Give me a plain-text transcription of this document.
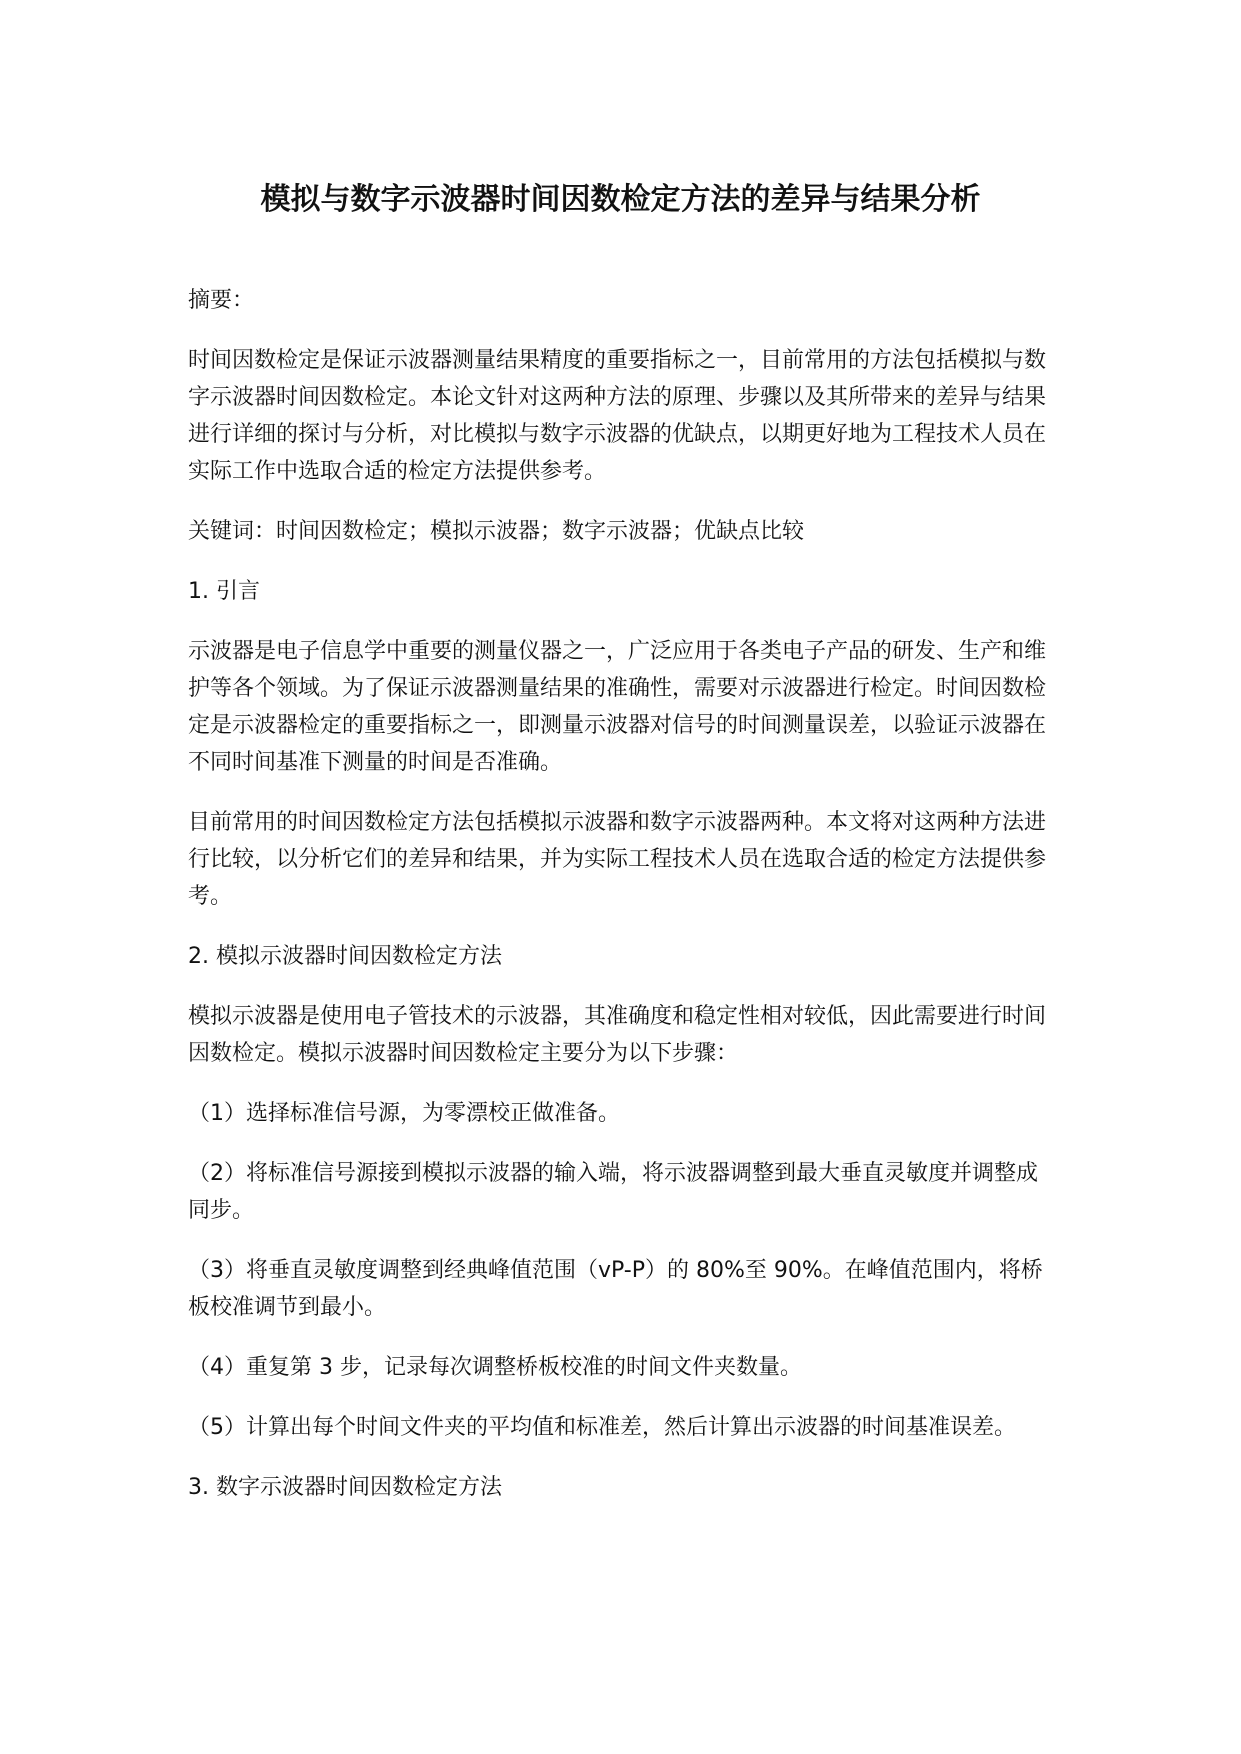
模拟与数字示波器时间因数检定方法的差异与结果分析

摘要：

时间因数检定是保证示波器测量结果精度的重要指标之一，目前常用的方法包括模拟与数字示波器时间因数检定。本论文针对这两种方法的原理、步骤以及其所带来的差异与结果进行详细的探讨与分析，对比模拟与数字示波器的优缺点，以期更好地为工程技术人员在实际工作中选取合适的检定方法提供参考。

关键词：时间因数检定；模拟示波器；数字示波器；优缺点比较

1. 引言

示波器是电子信息学中重要的测量仪器之一，广泛应用于各类电子产品的研发、生产和维护等各个领域。为了保证示波器测量结果的准确性，需要对示波器进行检定。时间因数检定是示波器检定的重要指标之一，即测量示波器对信号的时间测量误差，以验证示波器在不同时间基准下测量的时间是否准确。

目前常用的时间因数检定方法包括模拟示波器和数字示波器两种。本文将对这两种方法进行比较，以分析它们的差异和结果，并为实际工程技术人员在选取合适的检定方法提供参考。

2. 模拟示波器时间因数检定方法

模拟示波器是使用电子管技术的示波器，其准确度和稳定性相对较低，因此需要进行时间因数检定。模拟示波器时间因数检定主要分为以下步骤：

（1）选择标准信号源，为零漂校正做准备。

（2）将标准信号源接到模拟示波器的输入端，将示波器调整到最大垂直灵敏度并调整成同步。

（3）将垂直灵敏度调整到经典峰值范围（vP-P）的 80%至 90%。在峰值范围内，将桥板校准调节到最小。

（4）重复第 3 步，记录每次调整桥板校准的时间文件夹数量。

（5）计算出每个时间文件夹的平均值和标准差，然后计算出示波器的时间基准误差。

3. 数字示波器时间因数检定方法
